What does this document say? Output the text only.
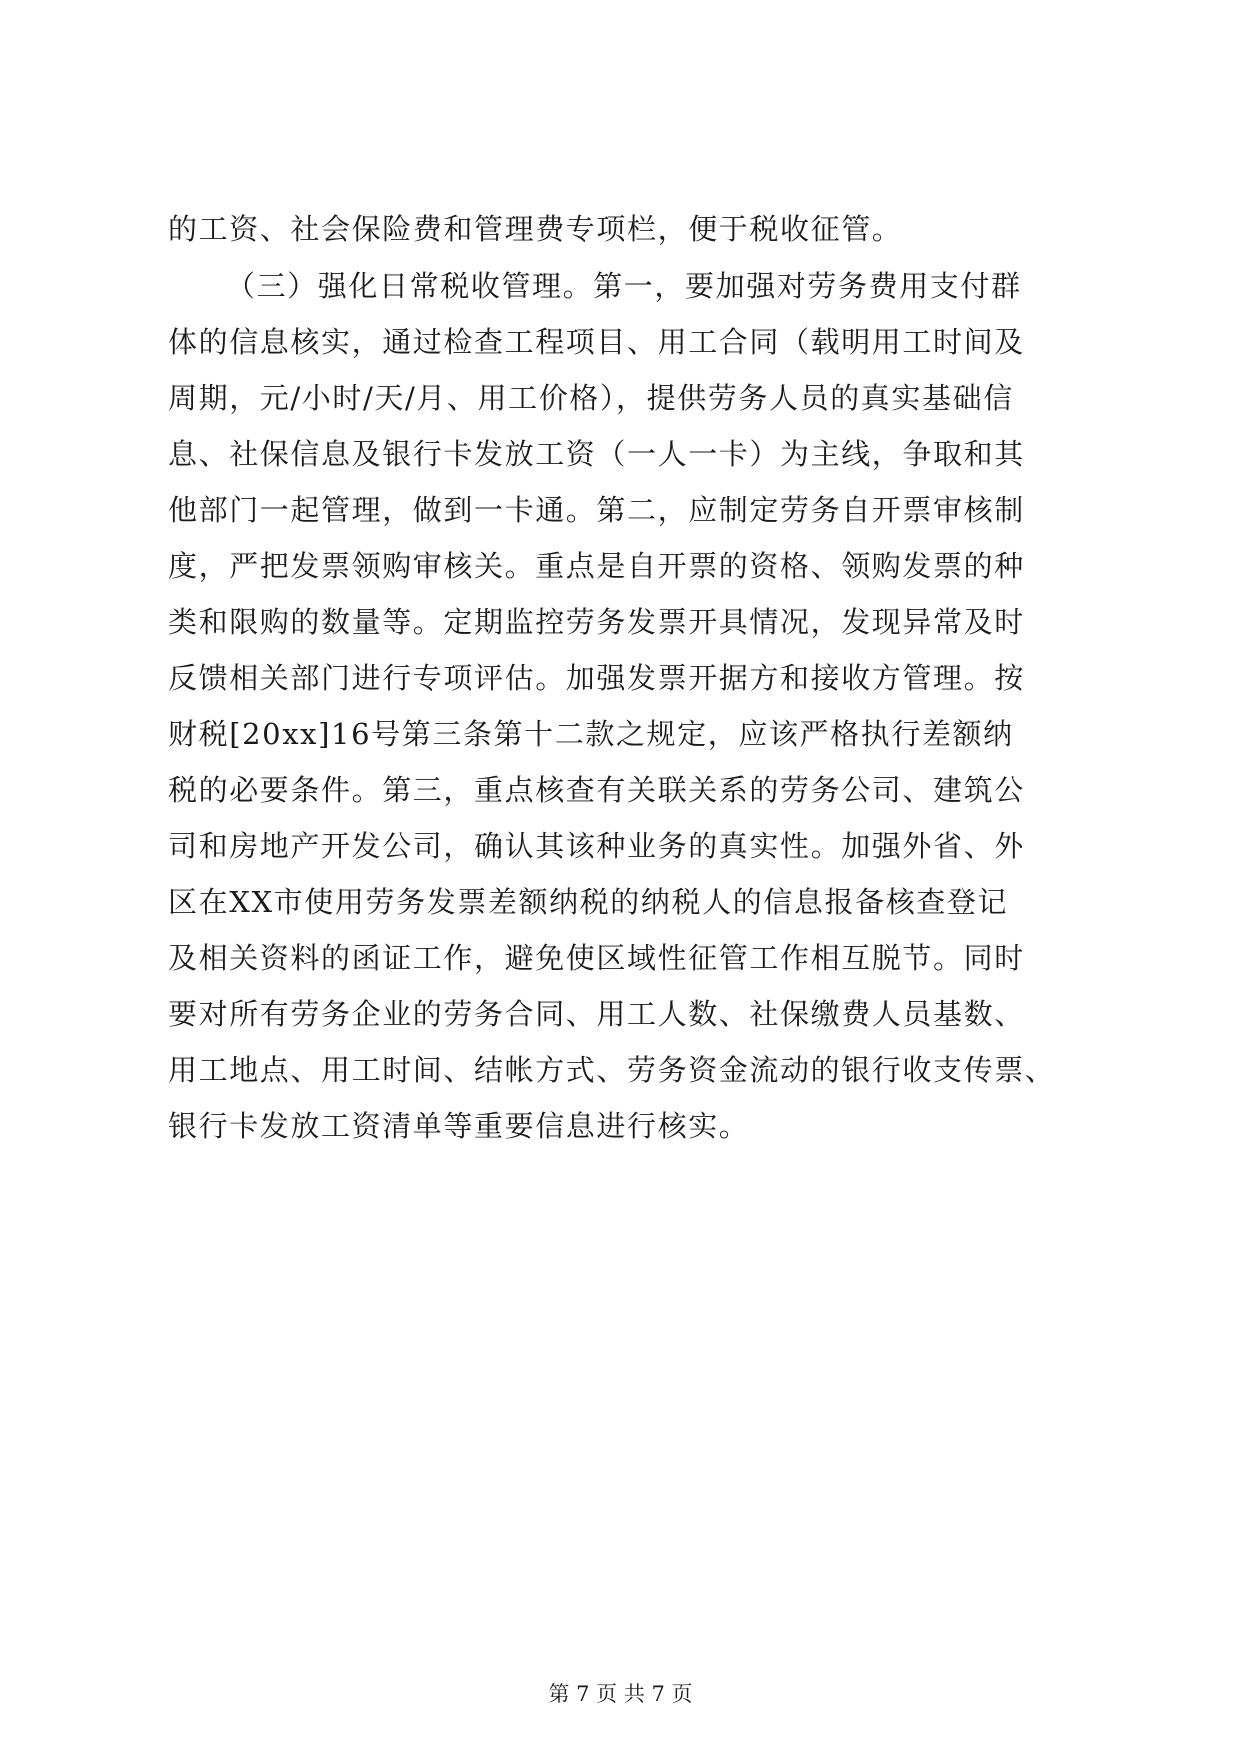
的工资、社会保险费和管理费专项栏，便于税收征管。
（三）强化日常税收管理。第一，要加强对劳务费用支付群
体的信息核实，通过检查工程项目、用工合同（载明用工时间及
周期，元/小时/天/月、用工价格），提供劳务人员的真实基础信
息、社保信息及银行卡发放工资（一人一卡）为主线，争取和其
他部门一起管理，做到一卡通。第二，应制定劳务自开票审核制
度，严把发票领购审核关。重点是自开票的资格、领购发票的种
类和限购的数量等。定期监控劳务发票开具情况，发现异常及时
反馈相关部门进行专项评估。加强发票开据方和接收方管理。按
财税[20xx]16号第三条第十二款之规定，应该严格执行差额纳
税的必要条件。第三，重点核查有关联关系的劳务公司、建筑公
司和房地产开发公司，确认其该种业务的真实性。加强外省、外
区在XX市使用劳务发票差额纳税的纳税人的信息报备核查登记
及相关资料的函证工作，避免使区域性征管工作相互脱节。同时
要对所有劳务企业的劳务合同、用工人数、社保缴费人员基数、
用工地点、用工时间、结帐方式、劳务资金流动的银行收支传票、
银行卡发放工资清单等重要信息进行核实。
第 7 页 共 7 页
